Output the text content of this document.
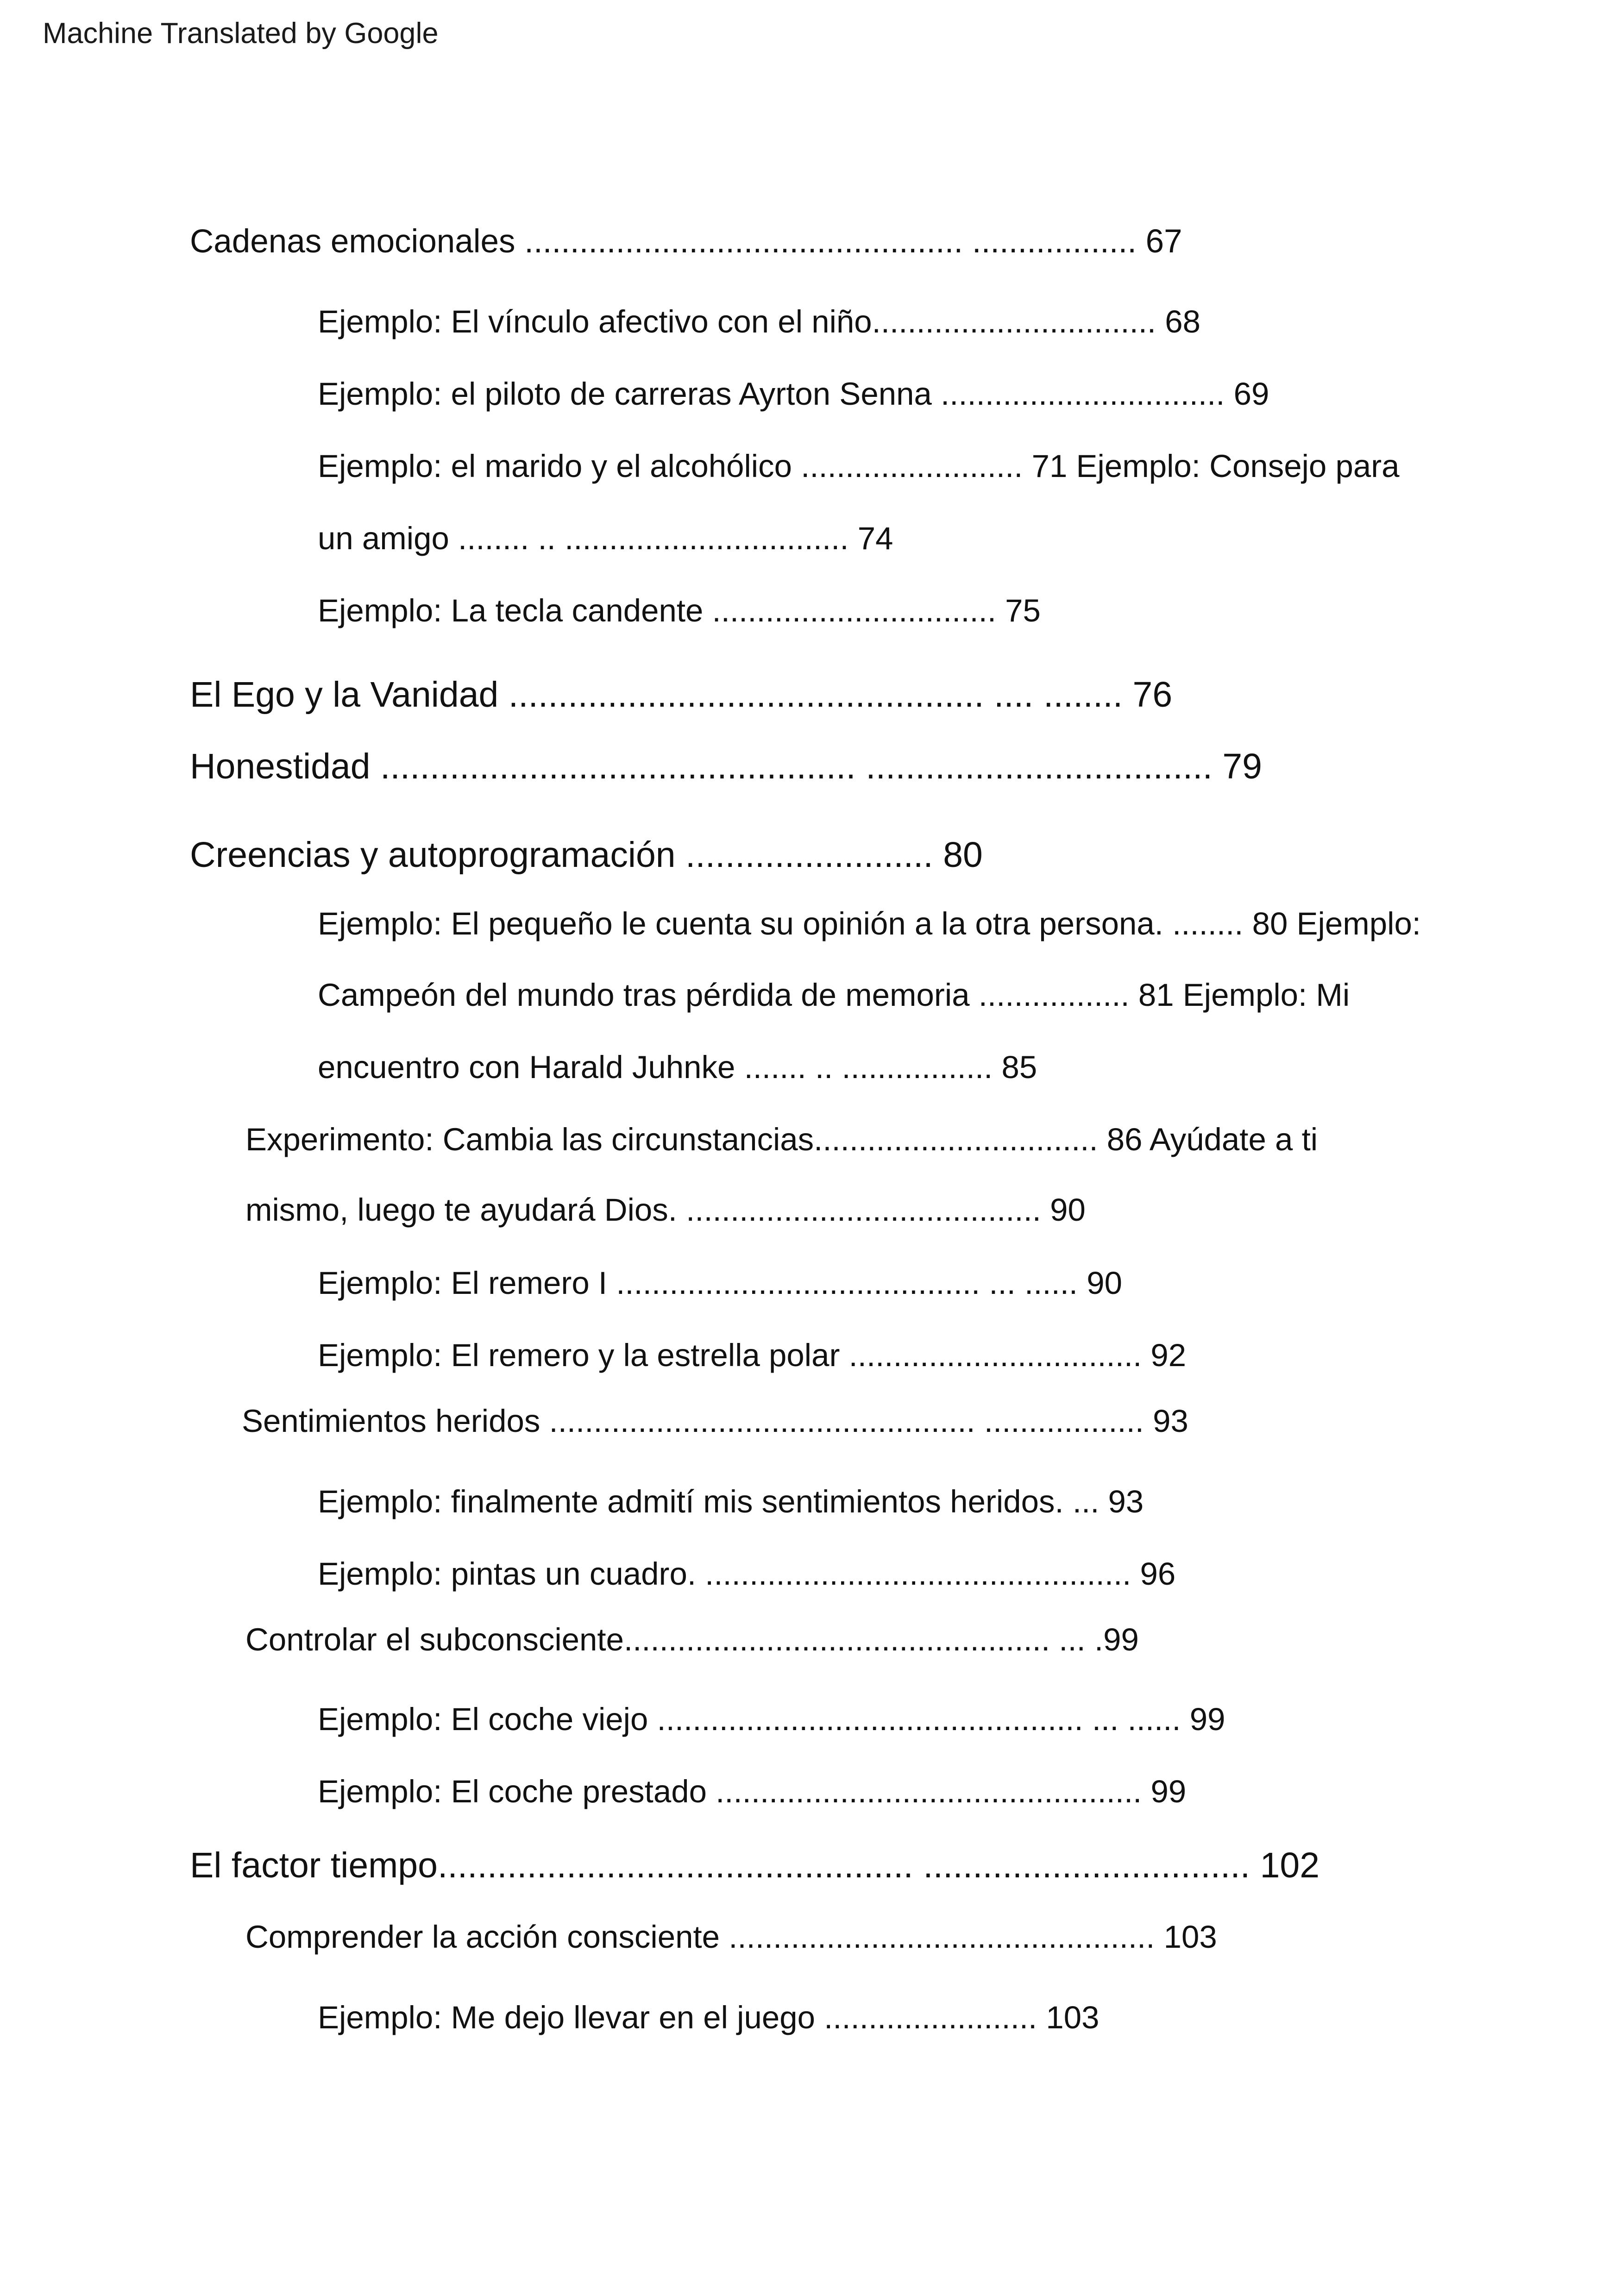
Machine Translated by Google
Cadenas emocionales ................................................ .................. 67
Ejemplo: El vínculo afectivo con el niño................................ 68
Ejemplo: el piloto de carreras Ayrton Senna ................................ 69
Ejemplo: el marido y el alcohólico ......................... 71 Ejemplo: Consejo para
un amigo ........ .. ................................ 74
Ejemplo: La tecla candente ................................ 75
El Ego y la Vanidad ................................................ .... ........ 76
Honestidad ................................................ ................................... 79
Creencias y autoprogramación ......................... 80
Ejemplo: El pequeño le cuenta su opinión a la otra persona. ........ 80 Ejemplo:
Campeón del mundo tras pérdida de memoria ................. 81 Ejemplo: Mi
encuentro con Harald Juhnke ....... .. ................. 85
Experimento: Cambia las circunstancias................................ 86 Ayúdate a ti
mismo, luego te ayudará Dios. ........................................ 90
Ejemplo: El remero I ......................................... ... ...... 90
Ejemplo: El remero y la estrella polar ................................. 92
Sentimientos heridos ................................................ .................. 93
Ejemplo: finalmente admití mis sentimientos heridos. ... 93
Ejemplo: pintas un cuadro. ................................................ 96
Controlar el subconsciente................................................ ... .99
Ejemplo: El coche viejo ................................................ ... ...... 99
Ejemplo: El coche prestado ................................................ 99
El factor tiempo................................................ ................................. 102
Comprender la acción consciente ................................................ 103
Ejemplo: Me dejo llevar en el juego ........................ 103
